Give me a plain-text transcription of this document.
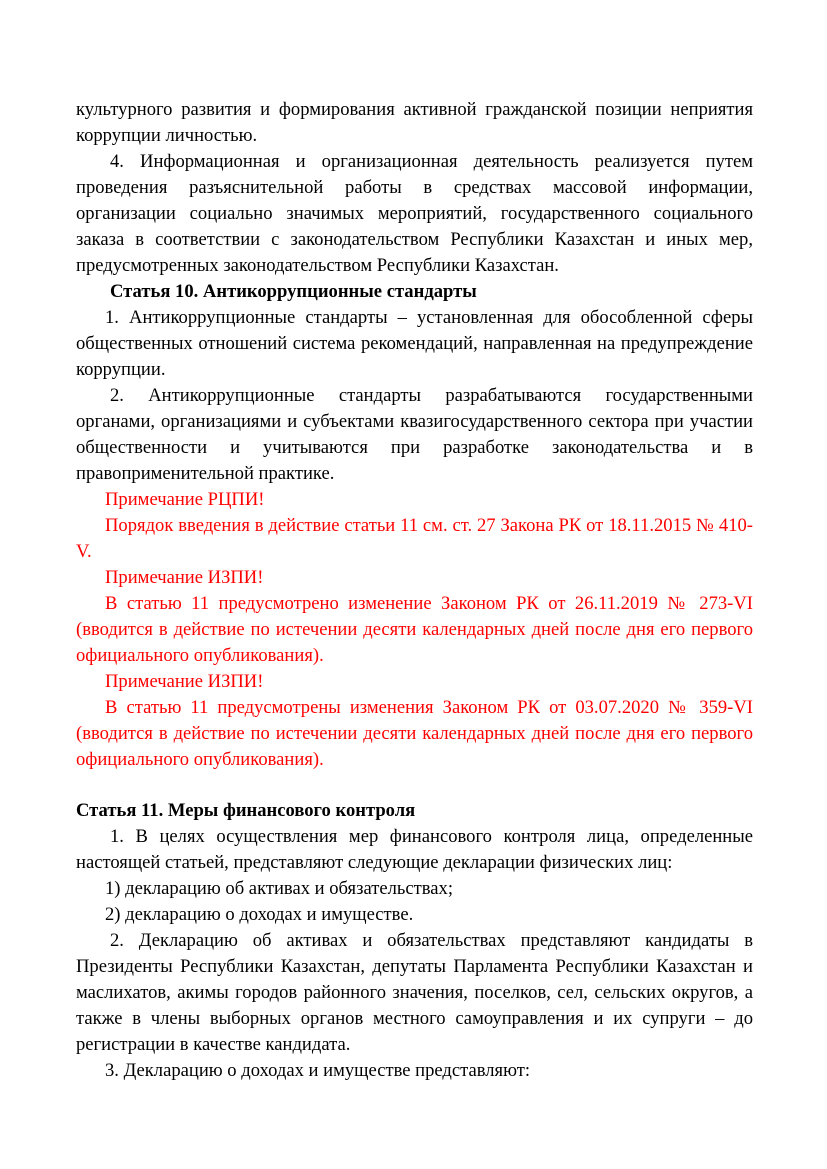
культурного развития и формирования активной гражданской позиции неприятия коррупции личностью.

4. Информационная и организационная деятельность реализуется путем проведения разъяснительной работы в средствах массовой информации, организации социально значимых мероприятий, государственного социального заказа в соответствии с законодательством Республики Казахстан и иных мер, предусмотренных законодательством Республики Казахстан.

Статья 10. Антикоррупционные стандарты

1. Антикоррупционные стандарты – установленная для обособленной сферы общественных отношений система рекомендаций, направленная на предупреждение коррупции.

2. Антикоррупционные стандарты разрабатываются государственными органами, организациями и субъектами квазигосударственного сектора при участии общественности и учитываются при разработке законодательства и в правоприменительной практике.

Примечание РЦПИ!

Порядок введения в действие статьи 11 см. ст. 27 Закона РК от 18.11.2015 № 410-V.

Примечание ИЗПИ!

В статью 11 предусмотрено изменение Законом РК от 26.11.2019 № 273-VI (вводится в действие по истечении десяти календарных дней после дня его первого официального опубликования).

Примечание ИЗПИ!

В статью 11 предусмотрены изменения Законом РК от 03.07.2020 № 359-VI (вводится в действие по истечении десяти календарных дней после дня его первого официального опубликования).

Статья 11. Меры финансового контроля

1. В целях осуществления мер финансового контроля лица, определенные настоящей статьей, представляют следующие декларации физических лиц:

1) декларацию об активах и обязательствах;

2) декларацию о доходах и имуществе.

2. Декларацию об активах и обязательствах представляют кандидаты в Президенты Республики Казахстан, депутаты Парламента Республики Казахстан и маслихатов, акимы городов районного значения, поселков, сел, сельских округов, а также в члены выборных органов местного самоуправления и их супруги – до регистрации в качестве кандидата.

3. Декларацию о доходах и имуществе представляют:
